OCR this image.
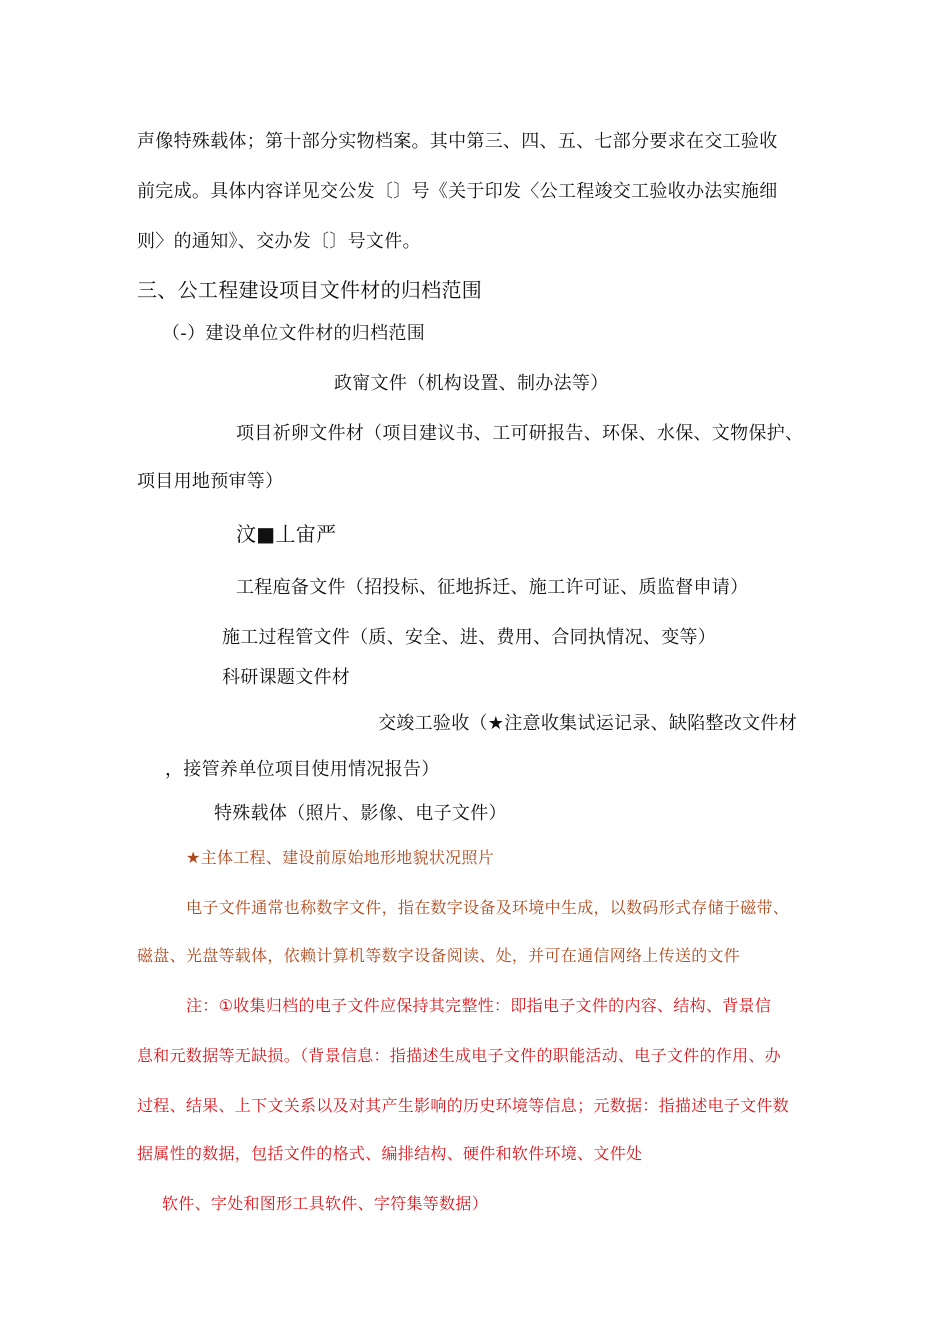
声像特殊载体；第十部分实物档案。其中第三、四、五、七部分要求在交工验收
前完成。具体内容详见交公发〔〕号《关于印发〈公工程竣交工验收办法实施细
则〉的通知》、交办发〔〕号文件。
三、公工程建设项目文件材的归档范围
（-）建设单位文件材的归档范围
政甯文件（机构设置、制办法等）
项目祈卵文件材（项目建议书、工可研报告、环保、水保、文物保护、
项目用地预审等）
汶■丄宙严
工程庖备文件（招投标、征地拆迁、施工许可证、质监督申请）
施工过程管文件（质、安全、进、费用、合同执情况、变等）
科研课题文件材
交竣工验收（★注意收集试运记录、缺陷整改文件材
，接管养单位项目使用情况报告）
特殊载体（照片、影像、电子文件）
★主体工程、建设前原始地形地貌状况照片
电子文件通常也称数字文件，指在数字设备及环境中生成，以数码形式存储于磁带、
磁盘、光盘等载体，依赖计算机等数字设备阅读、处，并可在通信网络上传送的文件
注：①收集归档的电子文件应保持其完整性：即指电子文件的内容、结构、背景信
息和元数据等无缺损。（背景信息：指描述生成电子文件的职能活动、电子文件的作用、办
过程、结果、上下文关系以及对其产生影响的历史环境等信息；元数据：指描述电子文件数
据属性的数据，包括文件的格式、编排结构、硬件和软件环境、文件处
软件、字处和图形工具软件、字符集等数据）
